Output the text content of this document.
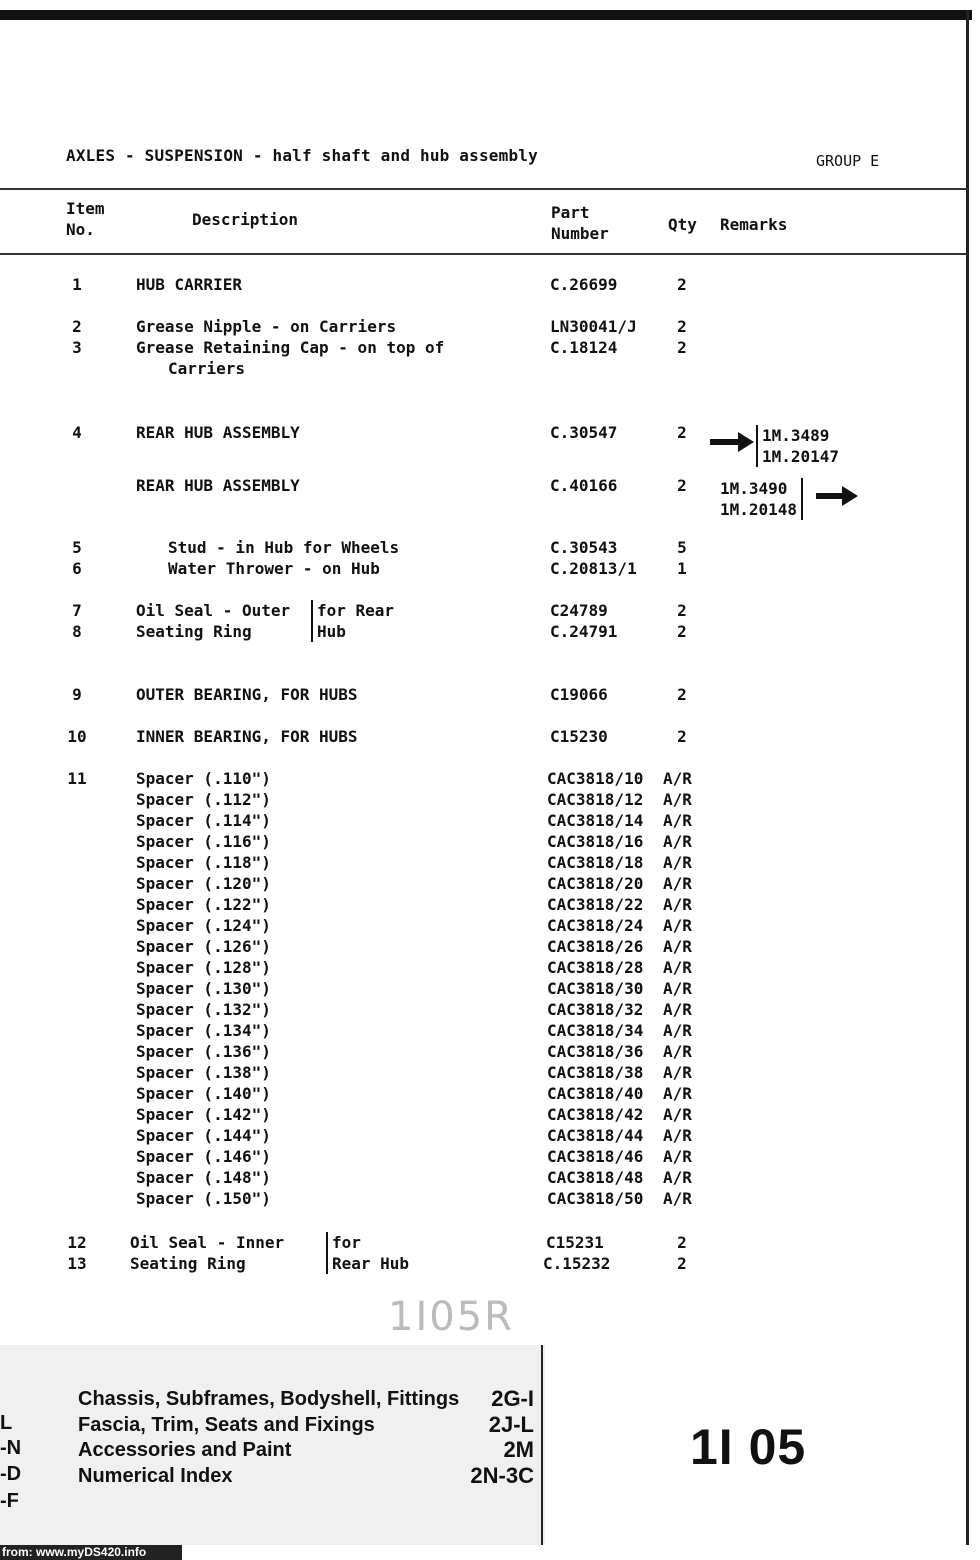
AXLES - SUSPENSION - half shaft and hub assembly	GROUP E
Item
No.
Description	Part
Number	Qty Remarks
1	HUB CARRIER	C.26699	2
2	Grease Nipple - on Carriers	LN30041/J	2
3	Grease Retaining Cap - on top of	C.18124	2
Carriers
4	REAR HUB ASSEMBLY	C.30547	2	1M.3489
1M.20147
REAR HUB ASSEMBLY	C.40166	2	1M.3490
1M.20148
5	Stud - in Hub for Wheels	C.30543	5
6	Water Thrower - on Hub	C.20813/1	1
7	Oil Seal - Outer	C24789	2
8	Seating Ring	C.24791	2
for Rear
Hub
9	OUTER BEARING, FOR HUBS	C19066	2
10	INNER BEARING, FOR HUBS	C15230	2
11	Spacer (.110")	CAC3818/10 A/R
Spacer (.112")	CAC3818/12 A/R
Spacer (.114")	CAC3818/14 A/R
Spacer (.116")	CAC3818/16 A/R
Spacer (.118")	CAC3818/18 A/R
Spacer (.120")	CAC3818/20 A/R
Spacer (.122")	CAC3818/22 A/R
Spacer (.124")	CAC3818/24 A/R
Spacer (.126")	CAC3818/26 A/R
Spacer (.128")	CAC3818/28 A/R
Spacer (.130")	CAC3818/30 A/R
Spacer (.132")	CAC3818/32 A/R
Spacer (.134")	CAC3818/34 A/R
Spacer (.136")	CAC3818/36 A/R
Spacer (.138")	CAC3818/38 A/R
Spacer (.140")	CAC3818/40 A/R
Spacer (.142")	CAC3818/42 A/R
Spacer (.144")	CAC3818/44 A/R
Spacer (.146")	CAC3818/46 A/R
Spacer (.148")	CAC3818/48 A/R
Spacer (.150")	CAC3818/50 A/R
12	Oil Seal - Inner	C15231	2
13	Seating Ring	C.15232	2
for
Rear Hub
1I05R
Chassis, Subframes, Bodyshell, Fittings 2G-I
Fascia, Trim, Seats and Fixings	2J-L
Accessories and Paint	2M
Numerical Index	2N-3C
L
-N
-D
-F
1I 05
from: www.myDS420.info
